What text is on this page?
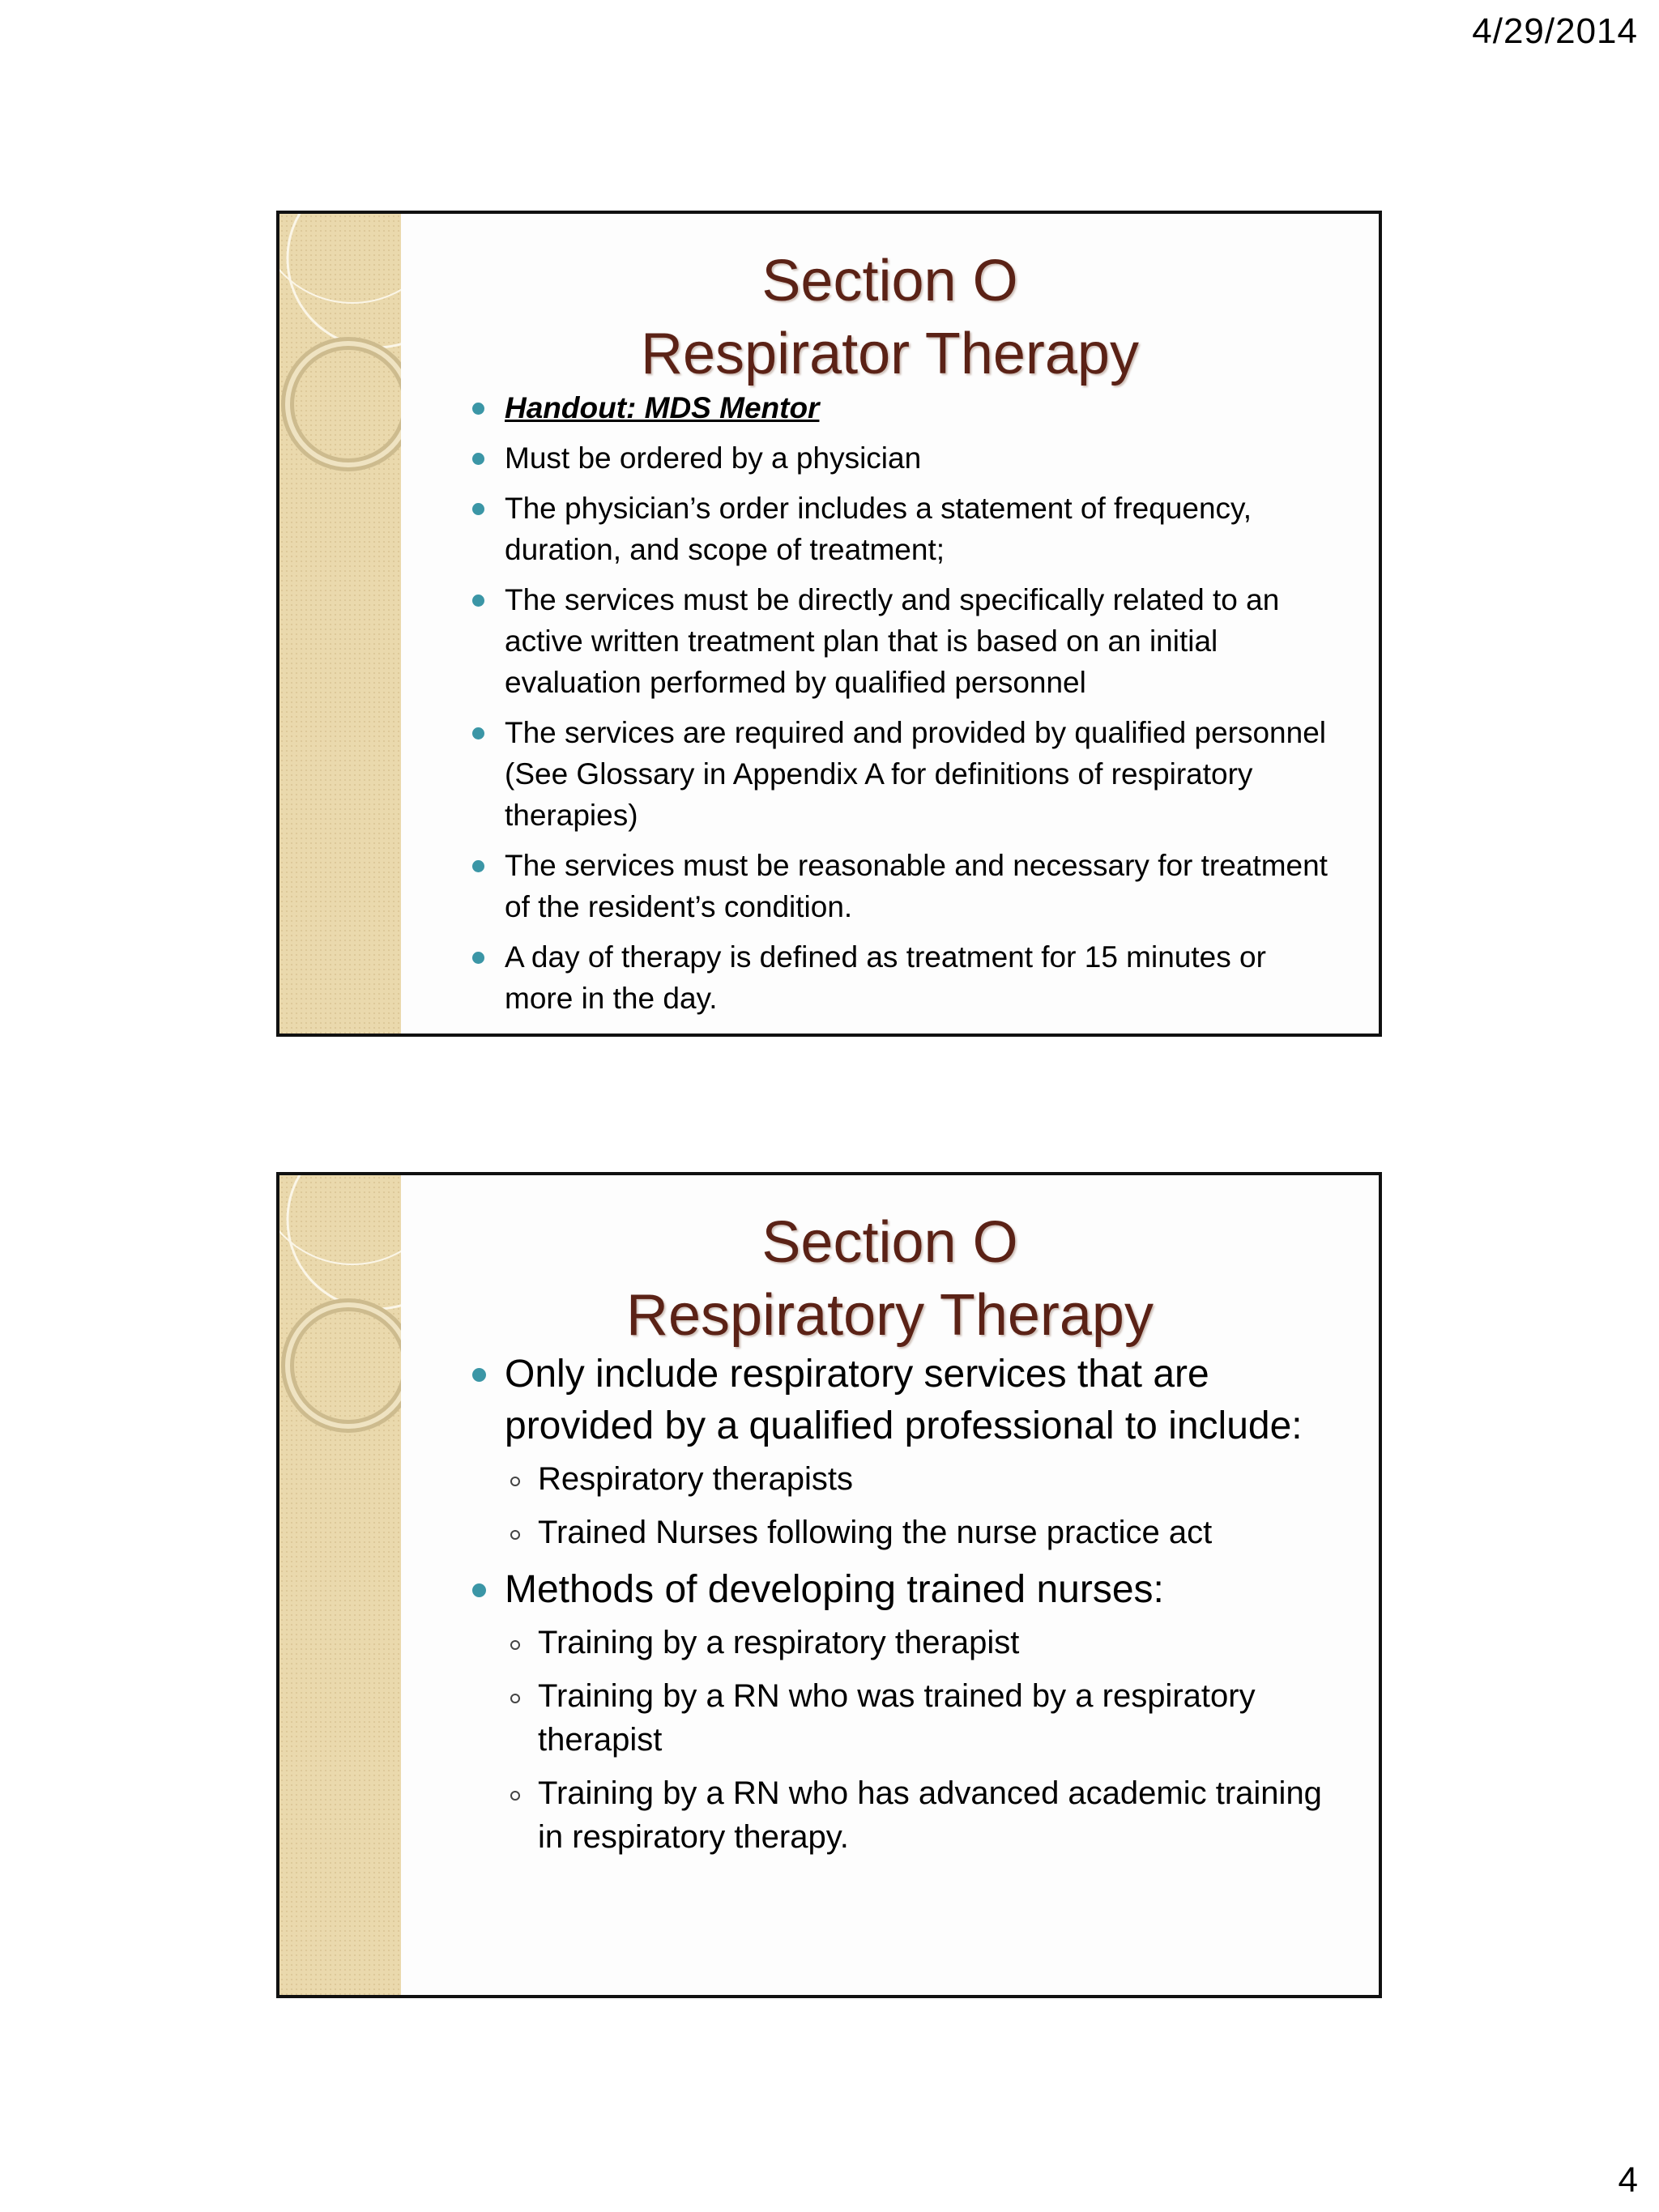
4/29/2014
Section O
Respirator Therapy
Handout: MDS Mentor
Must be ordered by a physician
The physician’s order includes a statement of frequency, duration, and scope of treatment;
The services must be directly and specifically related to an active written treatment plan that is based on an initial evaluation performed by qualified personnel
The services are required and provided by qualified personnel (See Glossary in Appendix A for definitions of respiratory therapies)
The services must be reasonable and necessary for treatment of the resident’s condition.
A day of therapy is defined as treatment for 15 minutes or more in the day.
Section O
Respiratory Therapy
Only include respiratory services that are provided by a qualified professional to include:
Respiratory therapists
Trained Nurses following the nurse practice act
Methods of developing trained nurses:
Training by a respiratory therapist
Training by a RN who was trained by a respiratory therapist
Training by a RN who has advanced academic training in respiratory therapy.
4
